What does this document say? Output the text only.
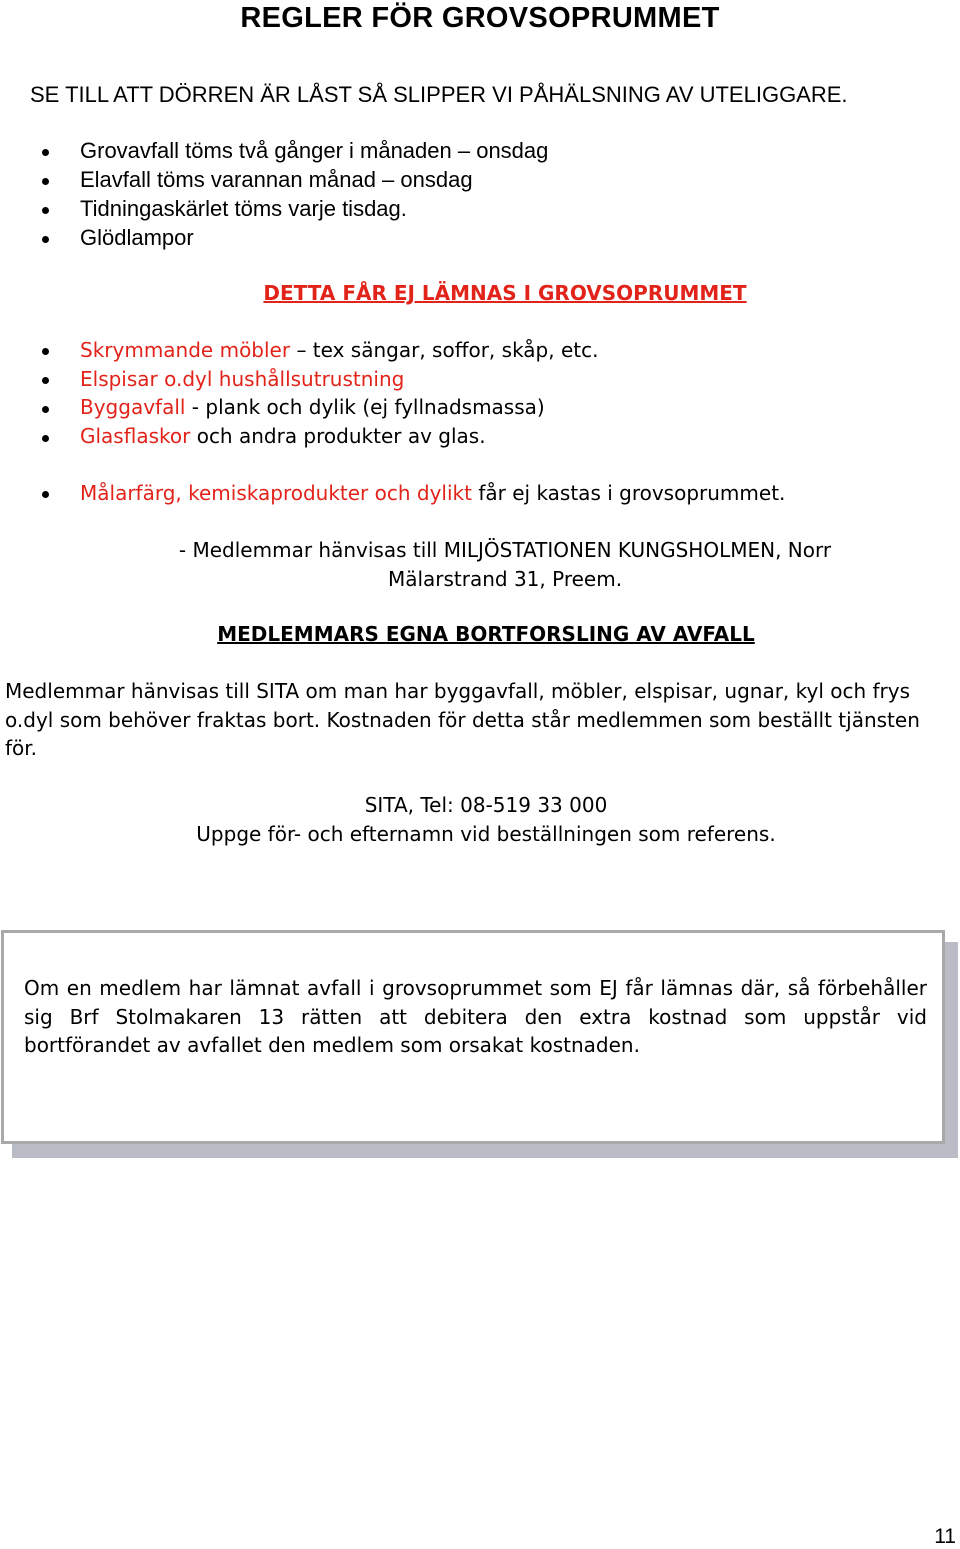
REGLER FÖR GROVSOPRUMMET

SE TILL ATT DÖRREN ÄR LÅST SÅ SLIPPER VI PÅHÄLSNING AV UTELIGGARE.

Grovavfall töms två gånger i månaden – onsdag
Elavfall töms varannan månad – onsdag
Tidningaskärlet töms varje tisdag.
Glödlampor
DETTA FÅR EJ LÄMNAS I GROVSOPRUMMET
Skrymmande möbler – tex sängar, soffor, skåp, etc.
Elspisar o.dyl hushållsutrustning
Byggavfall - plank och dylik (ej fyllnadsmassa)
Glasflaskor och andra produkter av glas.
Målarfärg, kemiskaprodukter och dylikt får ej kastas i grovsoprummet.
- Medlemmar hänvisas till MILJÖSTATIONEN KUNGSHOLMEN, Norr
Mälarstrand 31, Preem.
MEDLEMMARS EGNA BORTFORSLING AV AVFALL

Medlemmar hänvisas till SITA om man har byggavfall, möbler, elspisar, ugnar, kyl och frys o.dyl som behöver fraktas bort. Kostnaden för detta står medlemmen som beställt tjänsten för.

SITA, Tel: 08-519 33 000
Uppge för- och efternamn vid beställningen som referens.
Om en medlem har lämnat avfall i grovsoprummet som EJ får lämnas där, så förbehåller sig Brf Stolmakaren 13 rätten att debitera den extra kostnad som uppstår vid bortförandet av avfallet den medlem som orsakat kostnaden.
11
